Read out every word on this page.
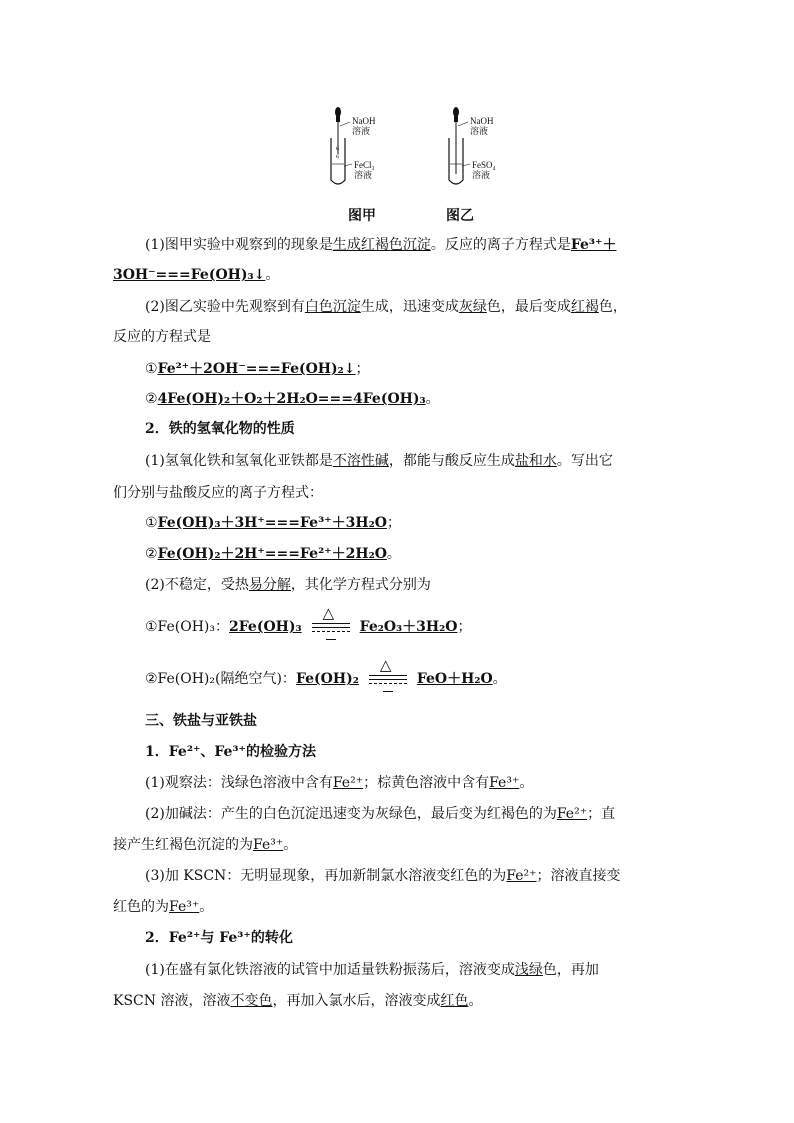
6
6
NaOH
溶液
FeCl₃
溶液
NaOH
溶液
FeSO₄
溶液
图甲	图乙
(1)图甲实验中观察到的现象是生成红褐色沉淀。反应的离子方程式是Fe³⁺＋
3OH⁻===Fe(OH)₃↓。
(2)图乙实验中先观察到有白色沉淀生成，迅速变成灰绿色，最后变成红褐色，
反应的方程式是
①Fe²⁺＋2OH⁻===Fe(OH)₂↓；
②4Fe(OH)₂＋O₂＋2H₂O===4Fe(OH)₃。
2．铁的氢氧化物的性质
(1)氢氧化铁和氢氧化亚铁都是不溶性碱，都能与酸反应生成盐和水。写出它
们分别与盐酸反应的离子方程式：
①Fe(OH)₃＋3H⁺===Fe³⁺＋3H₂O；
②Fe(OH)₂＋2H⁺===Fe²⁺＋2H₂O。
(2)不稳定，受热易分解，其化学方程式分别为
①Fe(OH)₃：2Fe(OH)₃
△
Fe₂O₃＋3H₂O；
②Fe(OH)₂(隔绝空气)：Fe(OH)₂
△
FeO＋H₂O。
三、铁盐与亚铁盐
1．Fe²⁺、Fe³⁺的检验方法
(1)观察法：浅绿色溶液中含有Fe²⁺；棕黄色溶液中含有Fe³⁺。
(2)加碱法：产生的白色沉淀迅速变为灰绿色，最后变为红褐色的为Fe²⁺；直
接产生红褐色沉淀的为Fe³⁺。
(3)加 KSCN：无明显现象，再加新制氯水溶液变红色的为Fe²⁺；溶液直接变
红色的为Fe³⁺。
2．Fe²⁺与 Fe³⁺的转化
(1)在盛有氯化铁溶液的试管中加适量铁粉振荡后，溶液变成浅绿色，再加
KSCN 溶液，溶液不变色，再加入氯水后，溶液变成红色。
